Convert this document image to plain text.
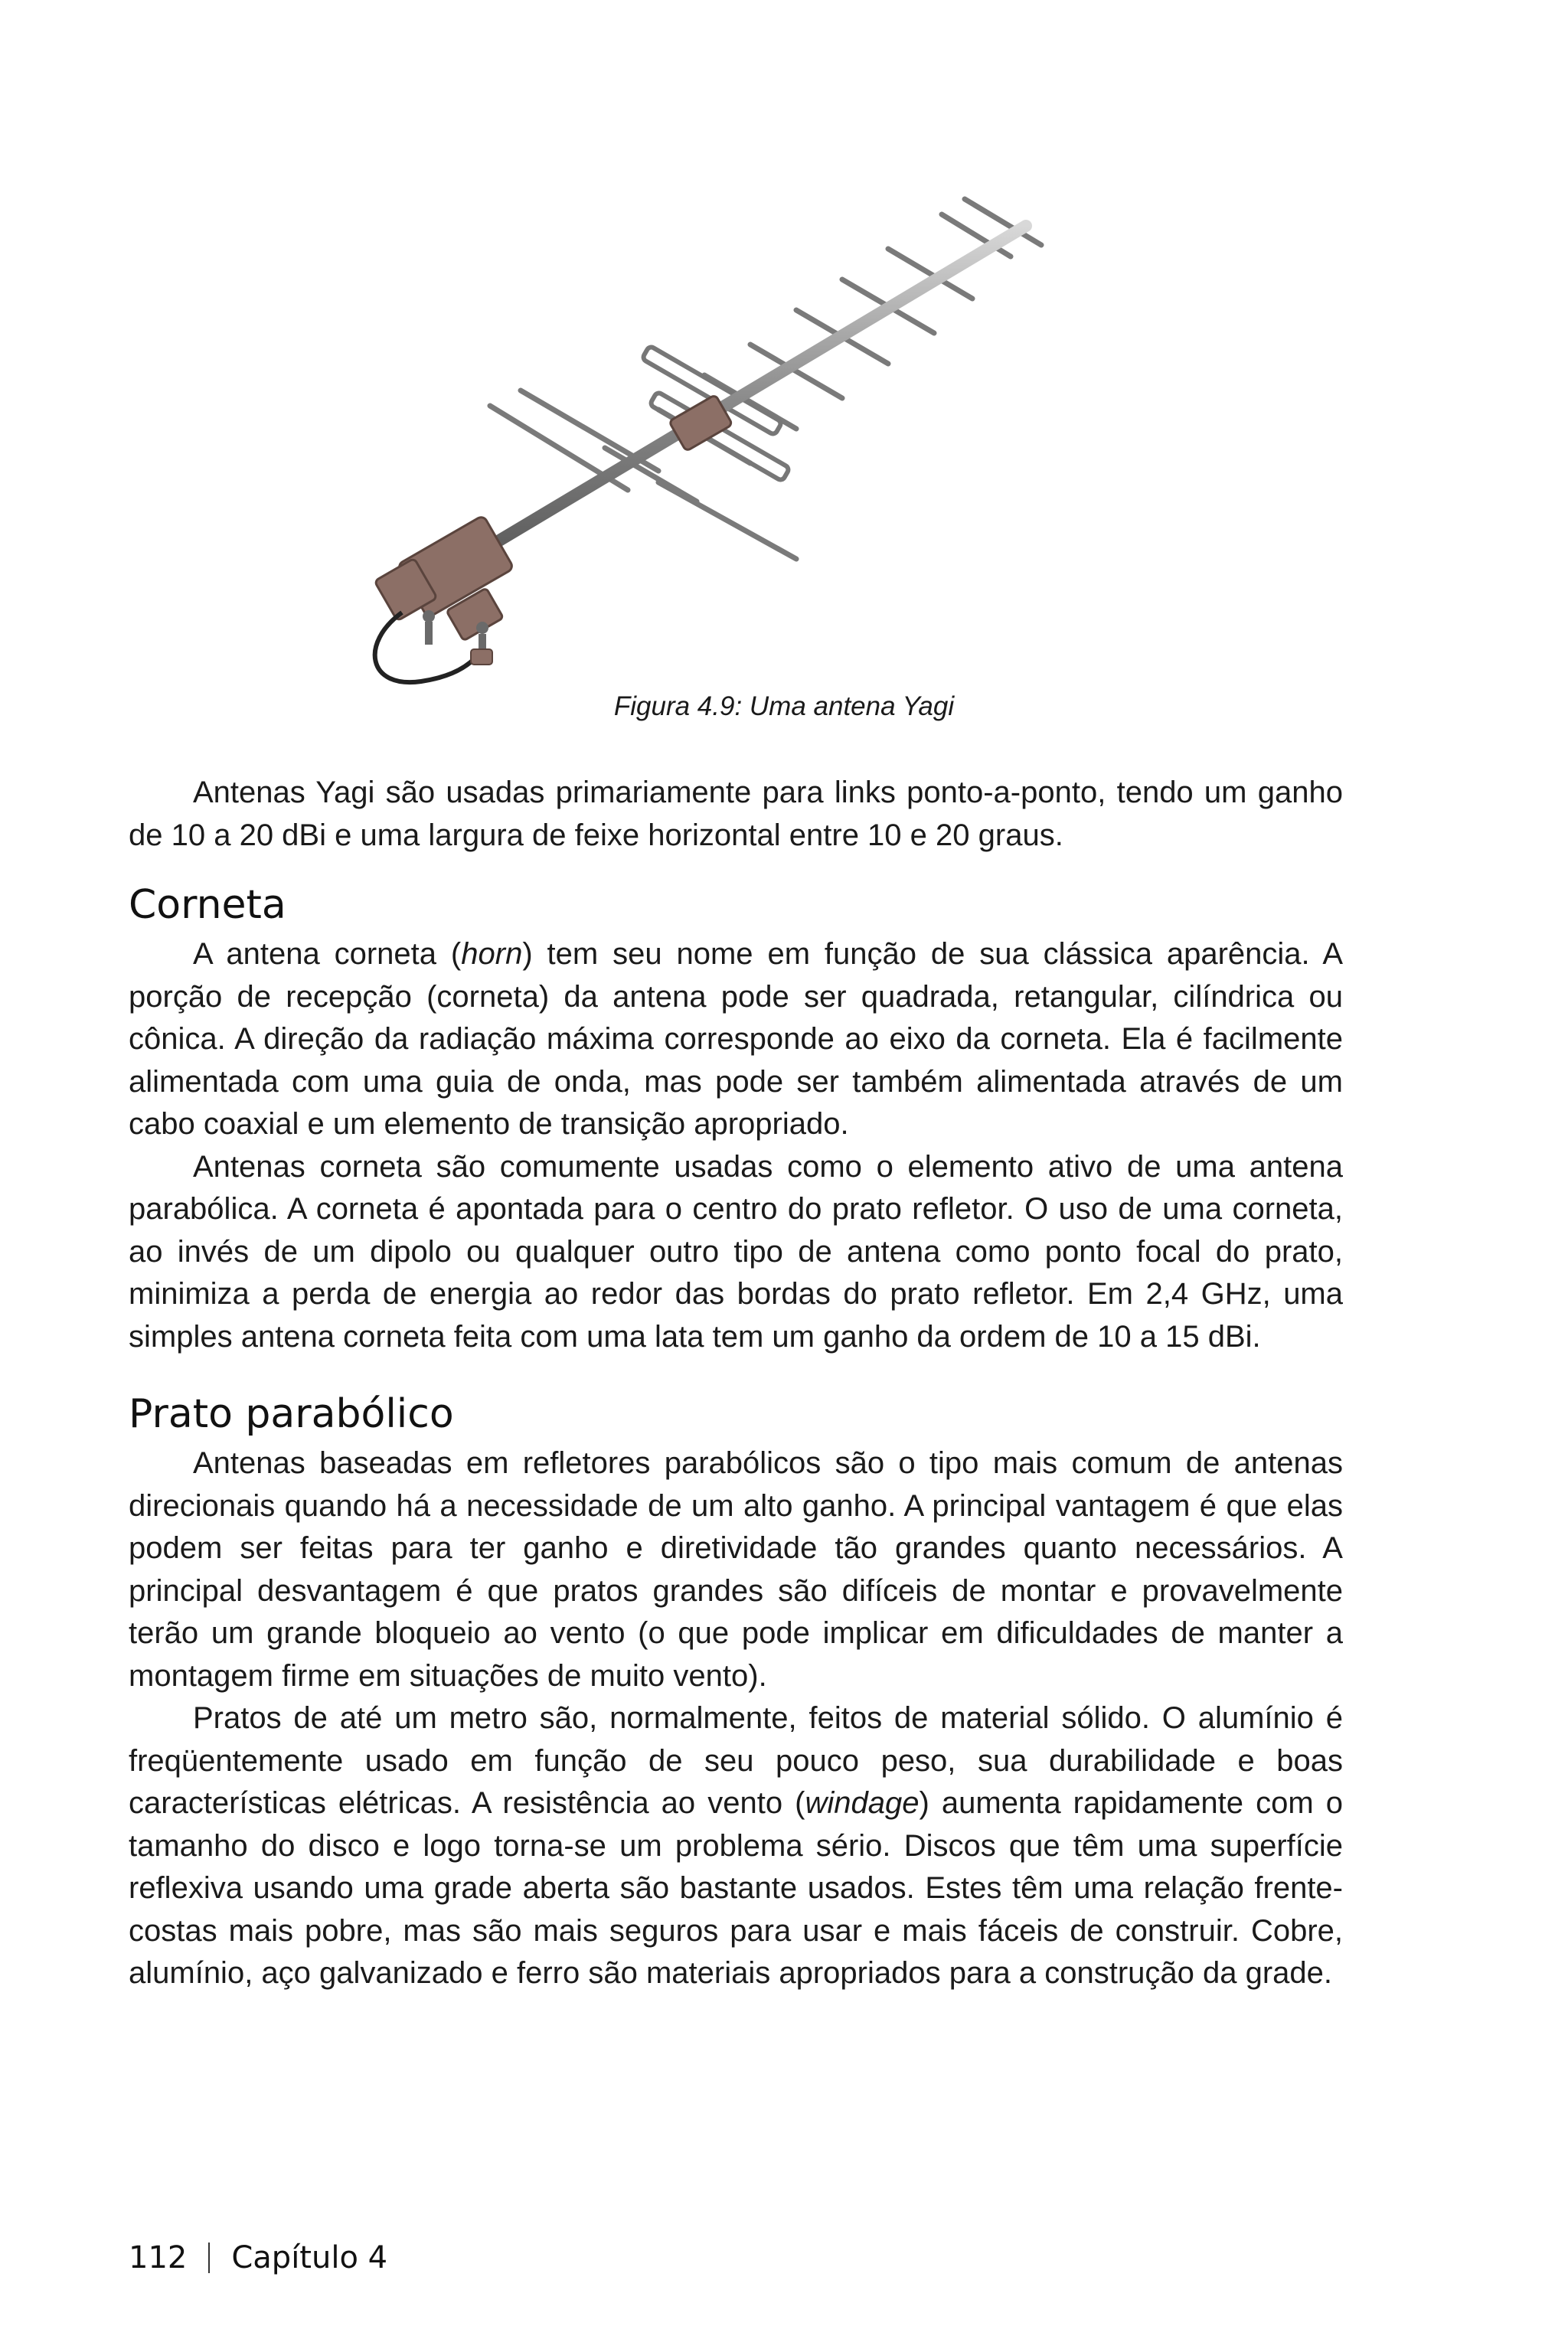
Figura 4.9: Uma antena Yagi

Antenas Yagi são usadas primariamente para links ponto-a-ponto, tendo um ganho de 10 a 20 dBi e uma largura de feixe horizontal entre 10 e 20 graus.

Corneta

A antena corneta (horn) tem seu nome em função de sua clássica aparência. A porção de recepção (corneta) da antena pode ser quadrada, retangular, cilíndrica ou cônica. A direção da radiação máxima corresponde ao eixo da corneta. Ela é facilmente alimentada com uma guia de onda, mas pode ser também alimentada através de um cabo coaxial e um elemento de transição apropriado.

Antenas corneta são comumente usadas como o elemento ativo de uma antena parabólica. A corneta é apontada para o centro do prato refletor. O uso de uma corneta, ao invés de um dipolo ou qualquer outro tipo de antena como ponto focal do prato, minimiza a perda de energia ao redor das bordas do prato refletor. Em 2,4 GHz, uma simples antena corneta feita com uma lata tem um ganho da ordem de 10 a 15 dBi.

Prato parabólico

Antenas baseadas em refletores parabólicos são o tipo mais comum de antenas direcionais quando há a necessidade de um alto ganho. A principal vantagem é que elas podem ser feitas para ter ganho e diretividade tão grandes quanto necessários. A principal desvantagem é que pratos grandes são difíceis de montar e provavelmente terão um grande bloqueio ao vento (o que pode implicar em dificuldades de manter a montagem firme em situações de muito vento).

Pratos de até um metro são, normalmente, feitos de material sólido. O alumínio é freqüentemente usado em função de seu pouco peso, sua durabilidade e boas características elétricas. A resistência ao vento (windage) aumenta rapidamente com o tamanho do disco e logo torna-se um problema sério. Discos que têm uma superfície reflexiva usando uma grade aberta são bastante usados. Estes têm uma relação frente-costas mais pobre, mas são mais seguros para usar e mais fáceis de construir. Cobre, alumínio, aço galvanizado e ferro são materiais apropriados para a construção da grade.

112 Capítulo 4
